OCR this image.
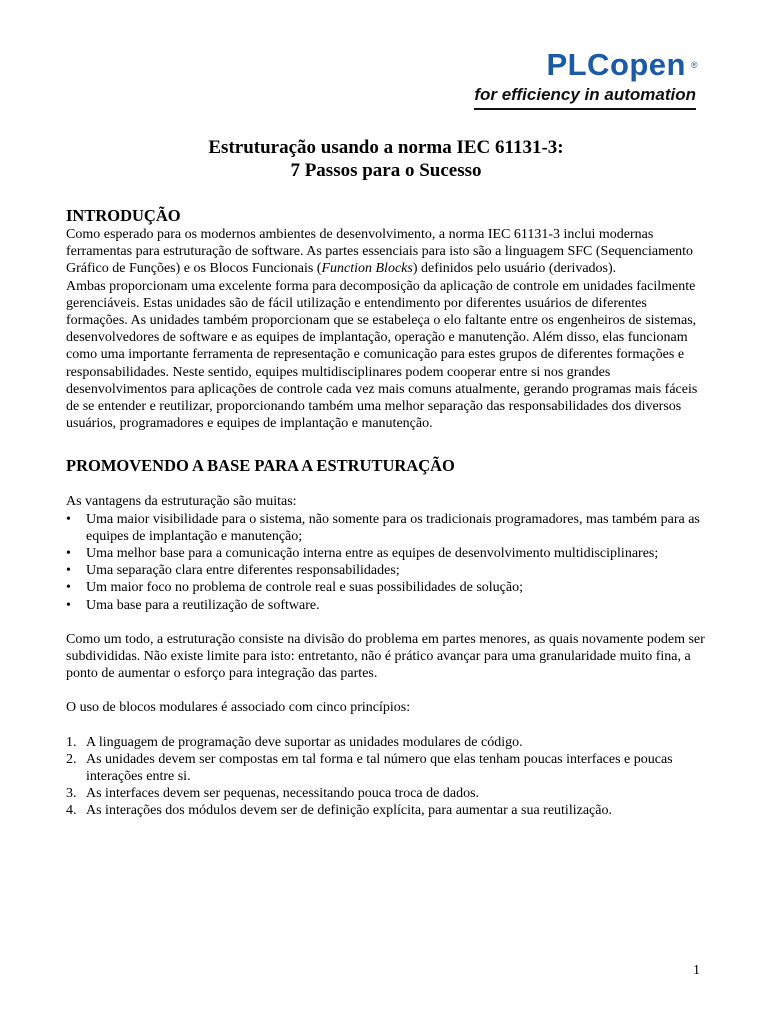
PLCopen ®
for efficiency in automation
Estruturação usando a norma IEC 61131-3:
7 Passos para o Sucesso
INTRODUÇÃO

Como esperado para os modernos ambientes de desenvolvimento, a norma IEC 61131-3 inclui modernas ferramentas para estruturação de software. As partes essenciais para isto são a linguagem SFC (Sequenciamento Gráfico de Funções) e os Blocos Funcionais (Function Blocks) definidos pelo usuário (derivados).

Ambas proporcionam uma excelente forma para decomposição da aplicação de controle em unidades facilmente gerenciáveis. Estas unidades são de fácil utilização e entendimento por diferentes usuários de diferentes formações. As unidades também proporcionam que se estabeleça o elo faltante entre os engenheiros de sistemas, desenvolvedores de software e as equipes de implantação, operação e manutenção. Além disso, elas funcionam como uma importante ferramenta de representação e comunicação para estes grupos de diferentes formações e responsabilidades. Neste sentido, equipes multidisciplinares podem cooperar entre si nos grandes desenvolvimentos para aplicações de controle cada vez mais comuns atualmente, gerando programas mais fáceis de se entender e reutilizar, proporcionando também uma melhor separação das responsabilidades dos diversos usuários, programadores e equipes de implantação e manutenção.

PROMOVENDO A BASE PARA A ESTRUTURAÇÃO

As vantagens da estruturação são muitas:

• Uma maior visibilidade para o sistema, não somente para os tradicionais programadores, mas também para as equipes de implantação e manutenção;
• Uma melhor base para a comunicação interna entre as equipes de desenvolvimento multidisciplinares;
• Uma separação clara entre diferentes responsabilidades;
• Um maior foco no problema de controle real e suas possibilidades de solução;
• Uma base para a reutilização de software.

Como um todo, a estruturação consiste na divisão do problema em partes menores, as quais novamente podem ser subdivididas. Não existe limite para isto: entretanto, não é prático avançar para uma granularidade muito fina, a ponto de aumentar o esforço para integração das partes.

O uso de blocos modulares é associado com cinco princípios:

1. A linguagem de programação deve suportar as unidades modulares de código.
2. As unidades devem ser compostas em tal forma e tal número que elas tenham poucas interfaces e poucas interações entre si.
3. As interfaces devem ser pequenas, necessitando pouca troca de dados.
4. As interações dos módulos devem ser de definição explícita, para aumentar a sua reutilização.
1
